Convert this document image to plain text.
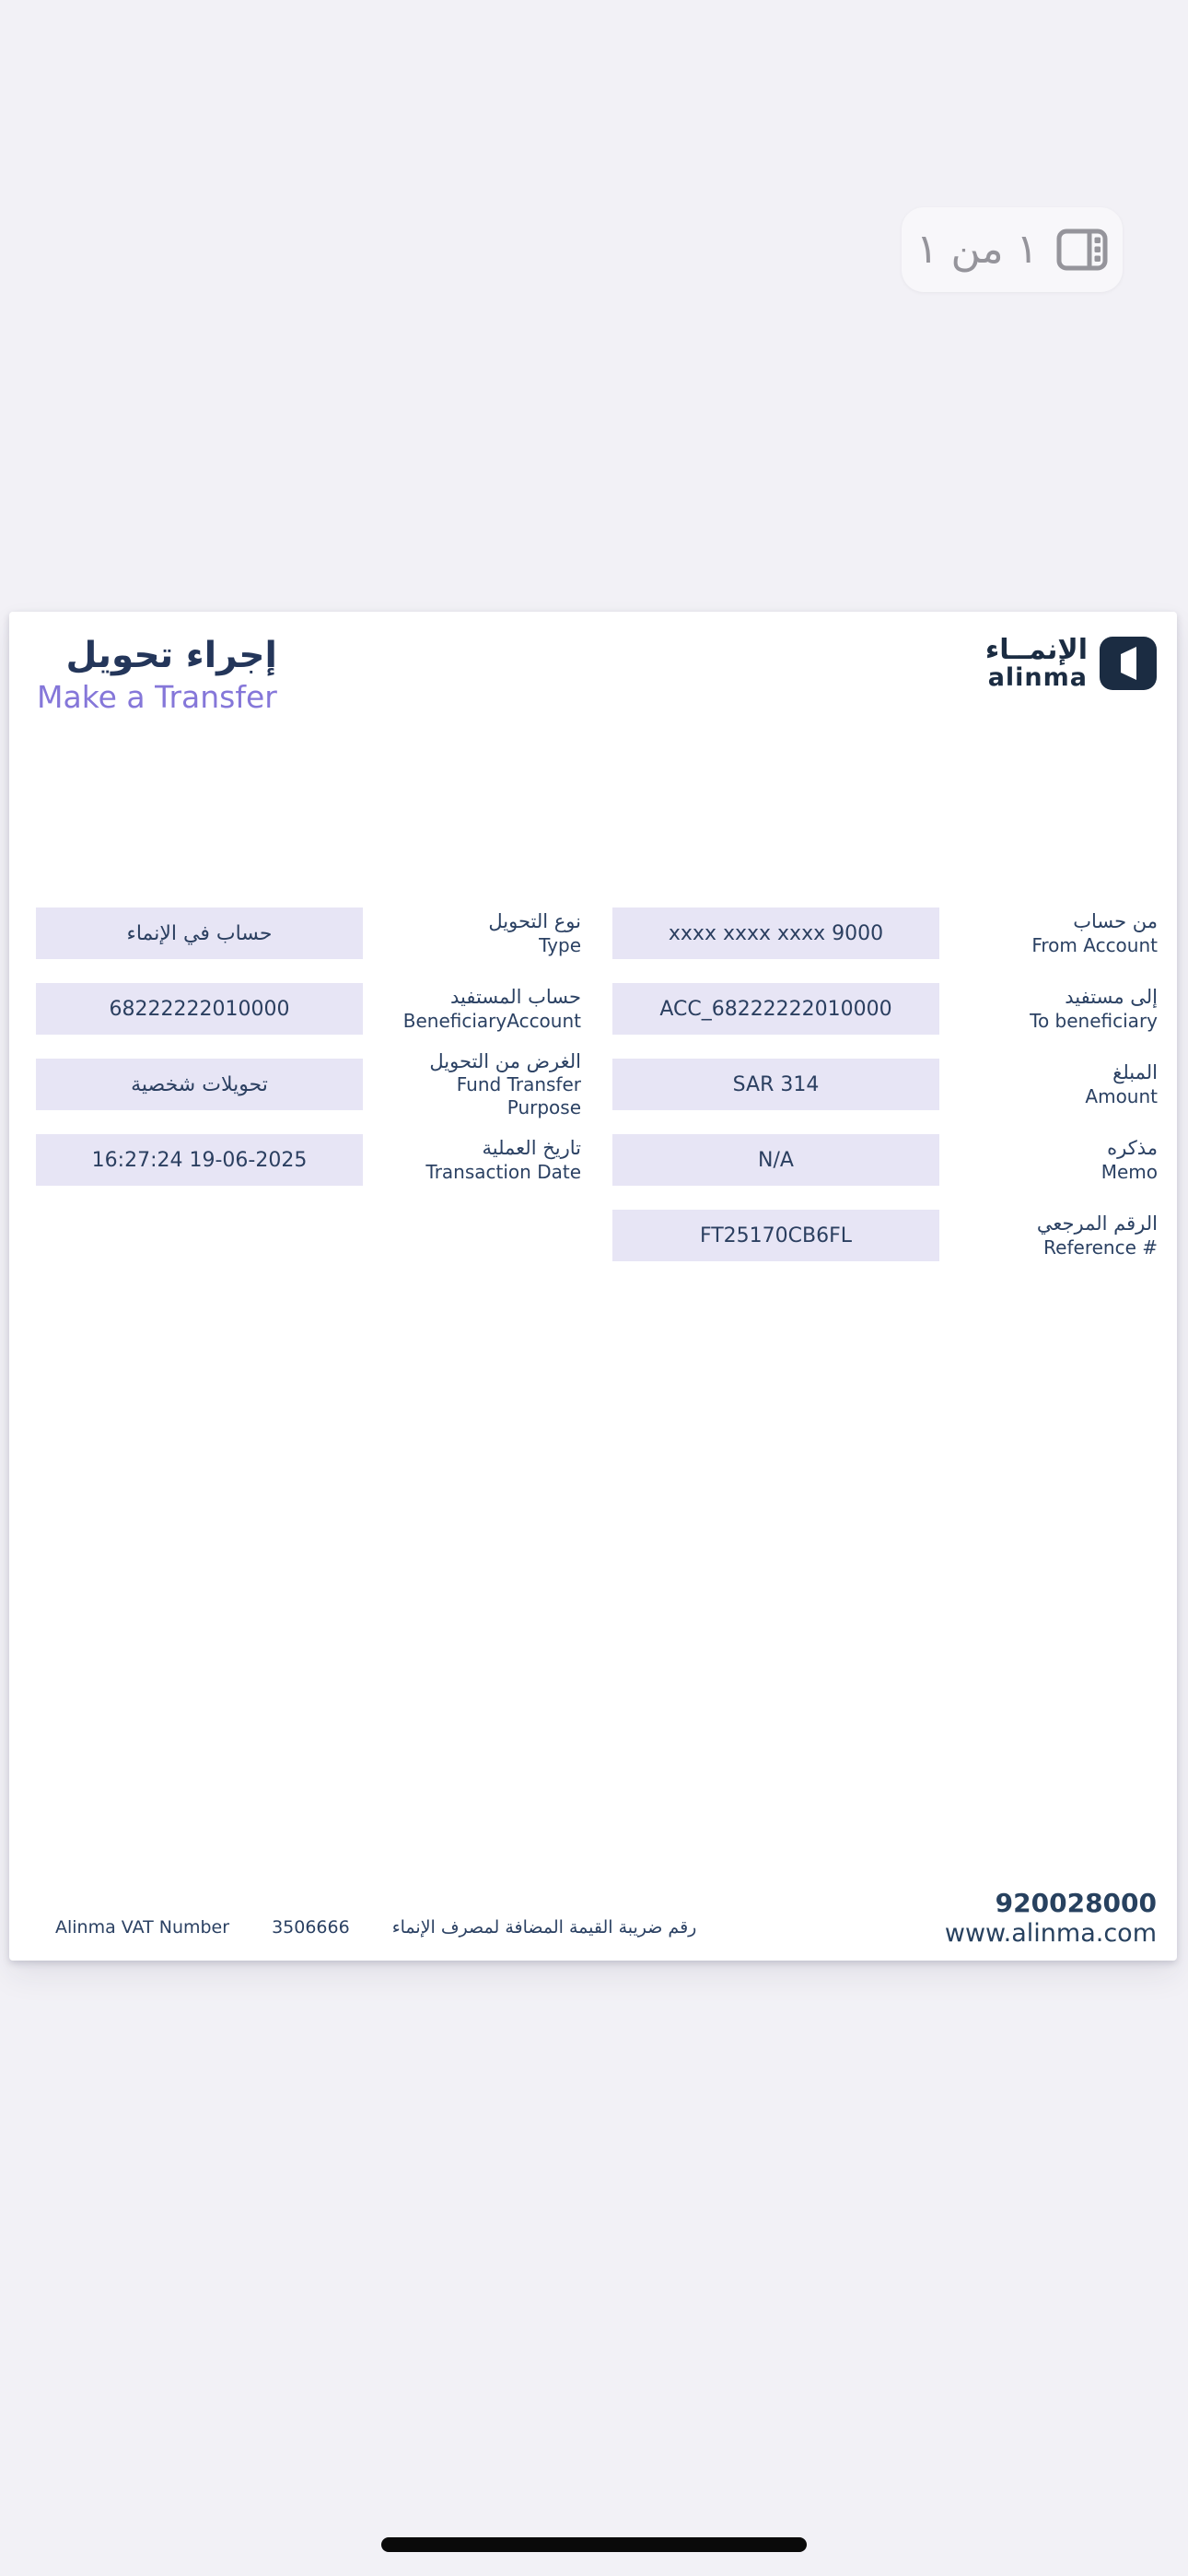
١ من ١
إجراء تحويل
Make a Transfer
الإنمــاء
alinma
xxxx xxxx xxxx 9000
من حساب
From Account
ACC_68222222010000
إلى مستفيد
To beneficiary
SAR 314
المبلغ
Amount
N/A
مذكره
Memo
FT25170CB6FL
الرقم المرجعي
Reference #
حساب في الإنماء
نوع التحويل
Type
68222222010000
حساب المستفيد
BeneficiaryAccount
تحويلات شخصية
الغرض من التحويل
Fund Transfer Purpose
16:27:24 19-06-2025
تاريخ العملية
Transaction Date
920028000
www.alinma.com
Alinma VAT Number 3506666 رقم ضريبة القيمة المضافة لمصرف الإنماء
